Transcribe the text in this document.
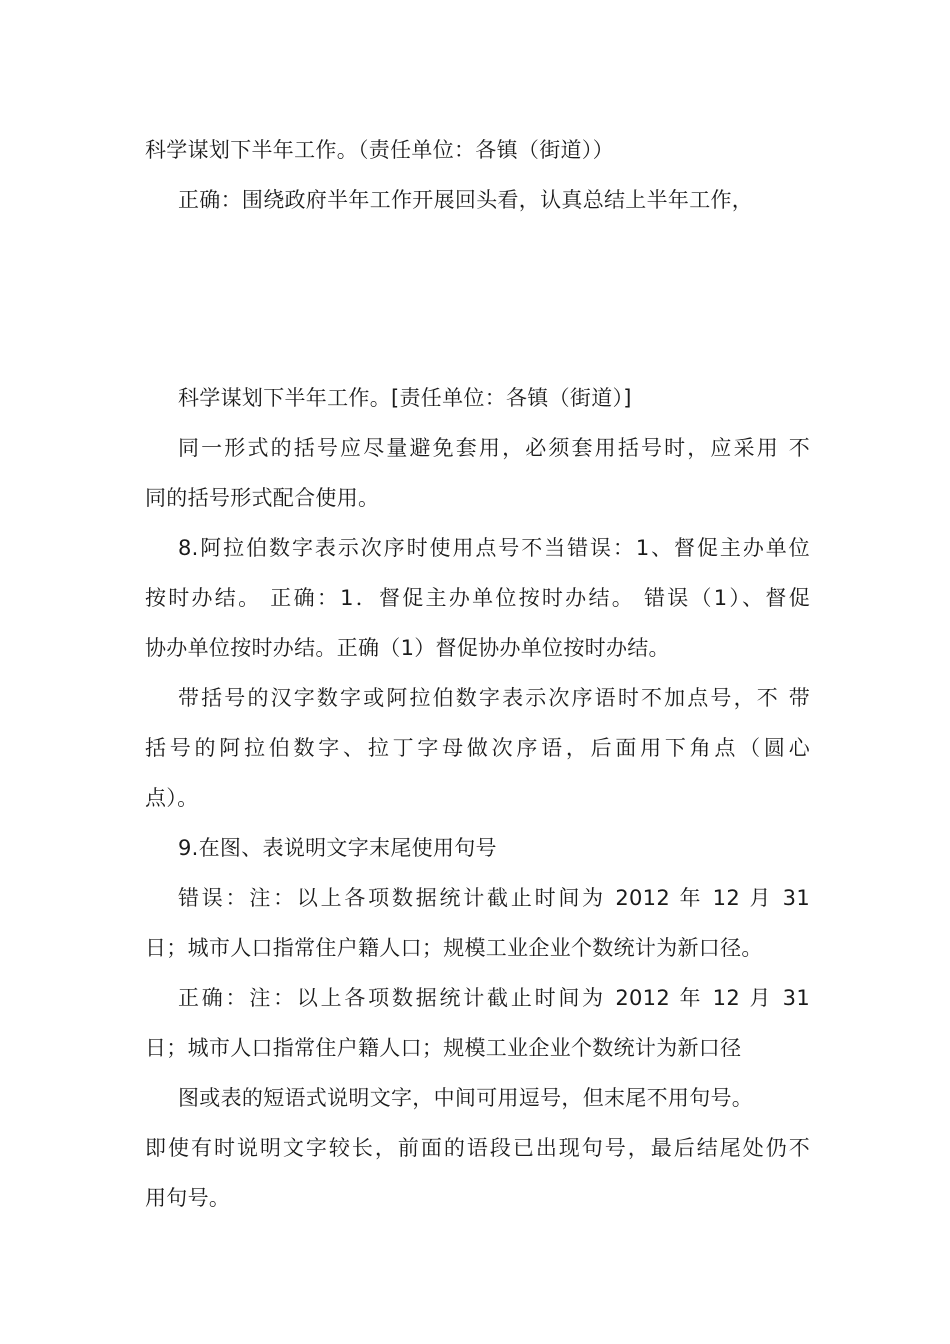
科学谋划下半年工作。（责任单位：各镇（街道））
正确：围绕政府半年工作开展回头看，认真总结上半年工作，
科学谋划下半年工作。[责任单位：各镇（街道）]
同一形式的括号应尽量避免套用，必须套用括号时，应采用 不
同的括号形式配合使用。
8.阿拉伯数字表示次序时使用点号不当错误：1、督促主办单位
按时办结。 正确：1．督促主办单位按时办结。 错误（1）、督促
协办单位按时办结。正确（1）督促协办单位按时办结。
带括号的汉字数字或阿拉伯数字表示次序语时不加点号，不 带
括号的阿拉伯数字、拉丁字母做次序语，后面用下角点（圆心
点）。
9.在图、表说明文字末尾使用句号
错误：注：以上各项数据统计截止时间为 2012 年 12 月 31
日；城市人口指常住户籍人口；规模工业企业个数统计为新口径。
正确：注：以上各项数据统计截止时间为 2012 年 12 月 31
日；城市人口指常住户籍人口；规模工业企业个数统计为新口径
图或表的短语式说明文字，中间可用逗号，但末尾不用句号。
即使有时说明文字较长，前面的语段已出现句号，最后结尾处仍不
用句号。
